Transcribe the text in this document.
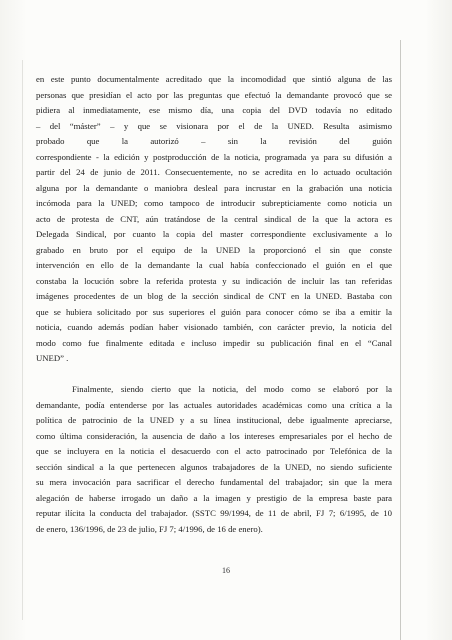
en este punto documentalmente acreditado que la incomodidad que sintió alguna de las
personas que presidían el acto por las preguntas que efectuó la demandante provocó que se
pidiera al inmediatamente, ese mismo día, una copia del DVD todavía no editado
– del “máster” – y que se visionara por el de la UNED. Resulta asimismo
probado que la autorizó – sin la revisión del guión
correspondiente - la edición y postproducción de la noticia, programada ya para su difusión a
partir del 24 de junio de 2011. Consecuentemente, no se acredita en lo actuado ocultación
alguna por la demandante o maniobra desleal para incrustar en la grabación una noticia
incómoda para la UNED; como tampoco de introducir subrepticiamente como noticia un
acto de protesta de CNT, aún tratándose de la central sindical de la que la actora es
Delegada Sindical, por cuanto la copia del master correspondiente exclusivamente a lo
grabado en bruto por el equipo de la UNED la proporcionó el sin que conste
intervención en ello de la demandante la cual había confeccionado el guión en el que
constaba la locución sobre la referida protesta y su indicación de incluir las tan referidas
imágenes procedentes de un blog de la sección sindical de CNT en la UNED. Bastaba con
que se hubiera solicitado por sus superiores el guión para conocer cómo se iba a emitir la
noticia, cuando además podían haber visionado también, con carácter previo, la noticia del
modo como fue finalmente editada e incluso impedir su publicación final en el “Canal
UNED” .
Finalmente, siendo cierto que la noticia, del modo como se elaboró por la
demandante, podía entenderse por las actuales autoridades académicas como una crítica a la
política de patrocinio de la UNED y a su línea institucional, debe igualmente apreciarse,
como última consideración, la ausencia de daño a los intereses empresariales por el hecho de
que se incluyera en la noticia el desacuerdo con el acto patrocinado por Telefónica de la
sección sindical a la que pertenecen algunos trabajadores de la UNED, no siendo suficiente
su mera invocación para sacrificar el derecho fundamental del trabajador; sin que la mera
alegación de haberse irrogado un daño a la imagen y prestigio de la empresa baste para
reputar ilícita la conducta del trabajador. (SSTC 99/1994, de 11 de abril, FJ 7; 6/1995, de 10
de enero, 136/1996, de 23 de julio, FJ 7; 4/1996, de 16 de enero).
16
